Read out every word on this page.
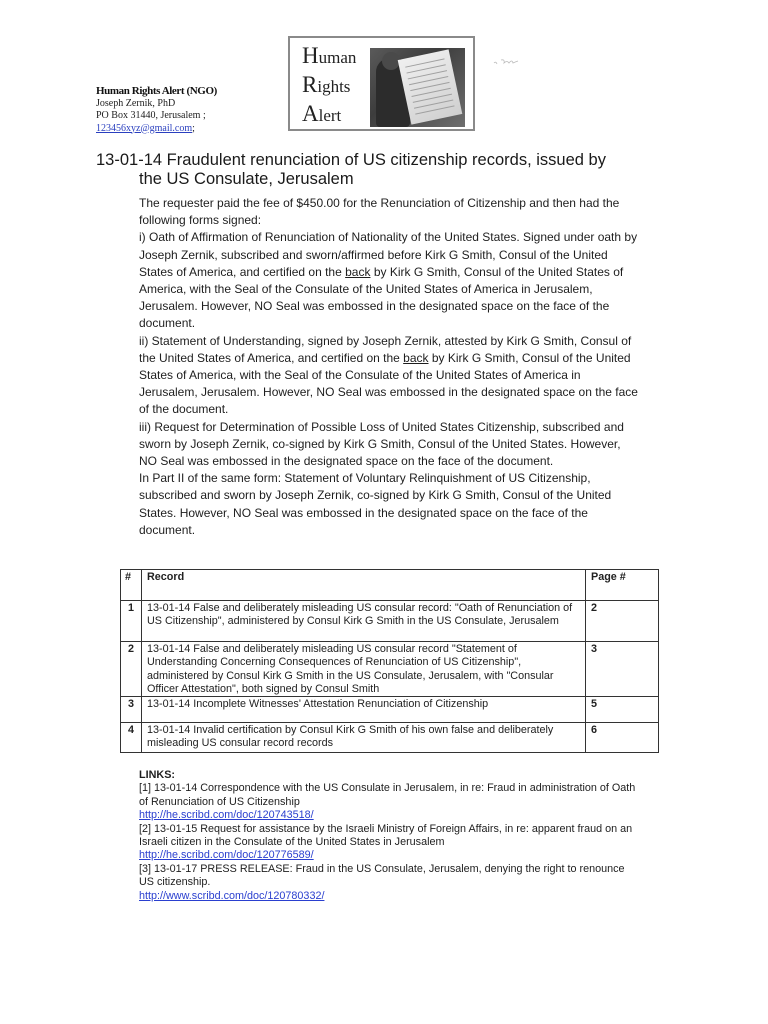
Human Rights Alert (NGO)
Joseph Zernik, PhD
PO Box 31440, Jerusalem ;
123456xyz@gmail.com;
Human
Rights
Alert
13-01-14 Fraudulent renunciation of US citizenship records, issued by
the US Consulate, Jerusalem

The requester paid the fee of $450.00 for the Renunciation of Citizenship and then had the following forms signed:

i) Oath of Affirmation of Renunciation of Nationality of the United States. Signed under oath by Joseph Zernik, subscribed and sworn/affirmed before Kirk G Smith, Consul of the United States of America, and certified on the back by Kirk G Smith, Consul of the United States of America, with the Seal of the Consulate of the United States of America in Jerusalem, Jerusalem. However, NO Seal was embossed in the designated space on the face of the document.

ii) Statement of Understanding, signed by Joseph Zernik, attested by Kirk G Smith, Consul of the United States of America, and certified on the back by Kirk G Smith, Consul of the United States of America, with the Seal of the Consulate of the United States of America in Jerusalem, Jerusalem. However, NO Seal was embossed in the designated space on the face of the document.

iii) Request for Determination of Possible Loss of United States Citizenship, subscribed and sworn by Joseph Zernik, co-signed by Kirk G Smith, Consul of the United States. However, NO Seal was embossed in the designated space on the face of the document.

In Part II of the same form: Statement of Voluntary Relinquishment of US Citizenship, subscribed and sworn by Joseph Zernik, co-signed by Kirk G Smith, Consul of the United States. However, NO Seal was embossed in the designated space on the face of the document.

#	Record	Page #
1	13-01-14 False and deliberately misleading US consular record: "Oath of Renunciation of US Citizenship", administered by Consul Kirk G Smith in the US Consulate, Jerusalem	2
2	13-01-14 False and deliberately misleading US consular record "Statement of Understanding Concerning Consequences of Renunciation of US Citizenship", administered by Consul Kirk G Smith in the US Consulate, Jerusalem, with "Consular Officer Attestation", both signed by Consul Smith	3
3	13-01-14 Incomplete Witnesses' Attestation Renunciation of Citizenship	5
4	13-01-14 Invalid certification by Consul Kirk G Smith of his own false and deliberately misleading US consular record records	6
LINKS:
[1] 13-01-14 Correspondence with the US Consulate in Jerusalem, in re: Fraud in administration of Oath of Renunciation of US Citizenship
http://he.scribd.com/doc/120743518/
[2] 13-01-15 Request for assistance by the Israeli Ministry of Foreign Affairs, in re: apparent fraud on an Israeli citizen in the Consulate of the United States in Jerusalem
http://he.scribd.com/doc/120776589/
[3] 13-01-17 PRESS RELEASE: Fraud in the US Consulate, Jerusalem, denying the right to renounce US citizenship.
http://www.scribd.com/doc/120780332/
